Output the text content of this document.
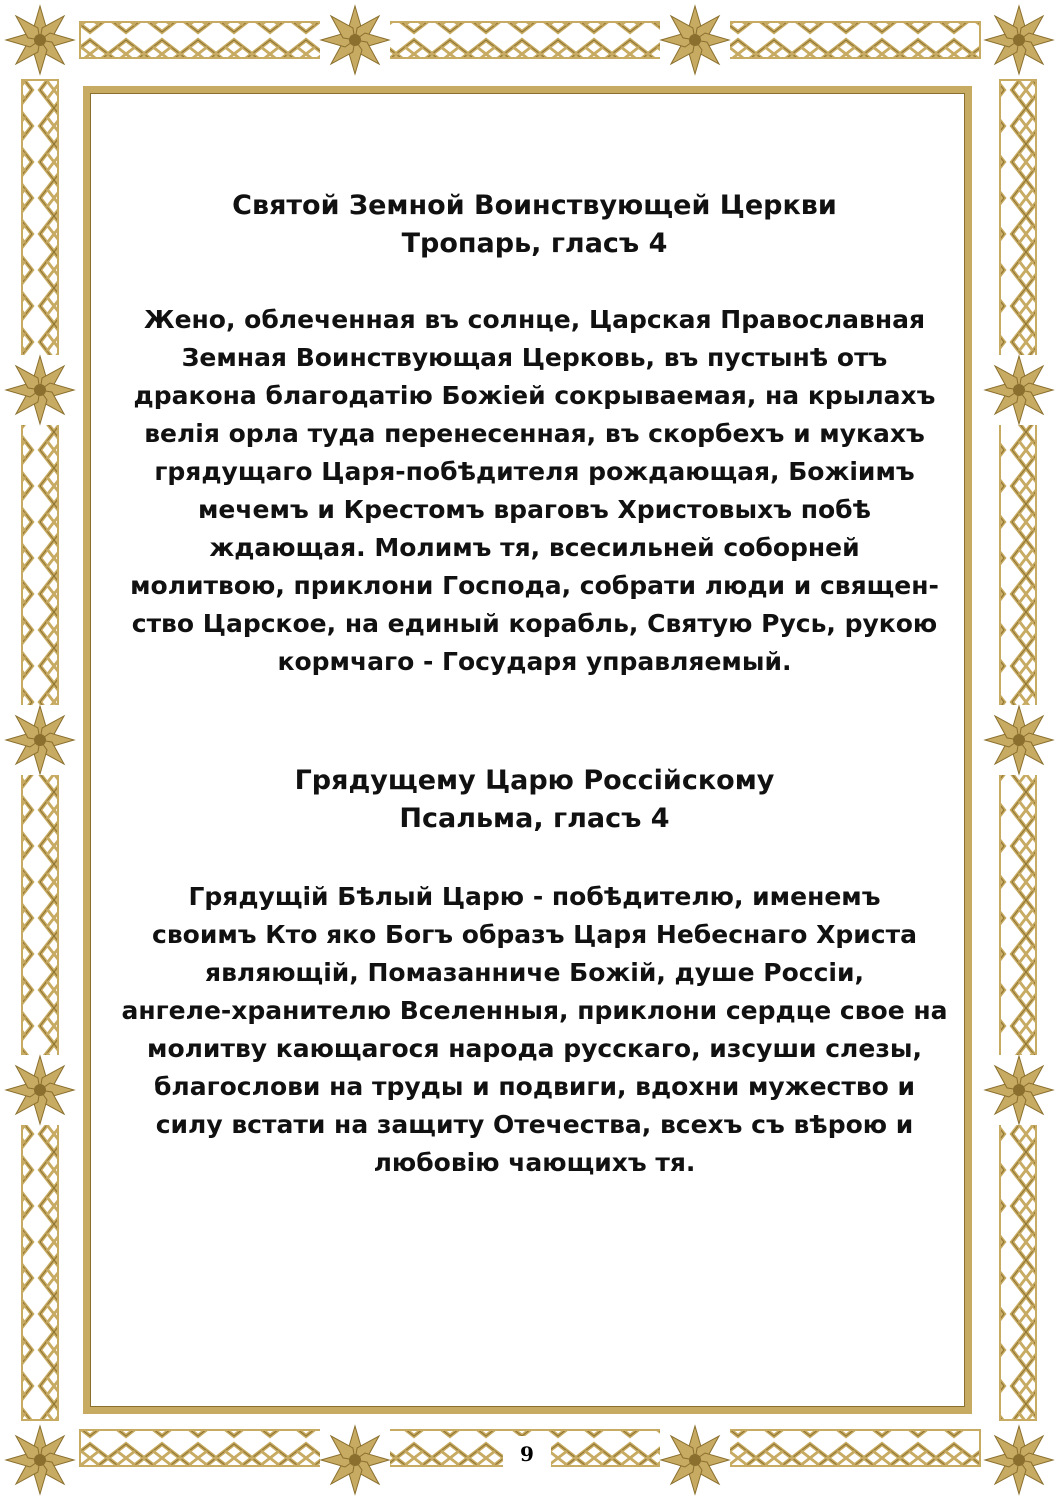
Святой Земной Воинствующей Церкви
Тропарь, гласъ 4
Жено, облеченная въ солнце, Царская Православная
Земная Воинствующая Церковь, въ пустынѣ отъ
дракона благодатію Божіей сокрываемая, на крылахъ
велія орла туда перенесенная, въ скорбехъ и мукахъ
грядущаго Царя-побѣдителя рождающая, Божіимъ
мечемъ и Крестомъ враговъ Христовыхъ побѣ
ждающая. Молимъ тя, всесильней соборней
молитвою, приклони Господа, собрати люди и священ-
ство Царское, на единый корабль, Святую Русь, рукою
кормчаго - Государя управляемый.
Грядущему Царю Россійскому
Псальма, гласъ 4
Грядущій Бѣлый Царю - побѣдителю, именемъ
своимъ Кто яко Богъ образъ Царя Небеснаго Христа
являющій, Помазанниче Божій, душе Россіи,
ангеле-хранителю Вселенныя, приклони сердце свое на
молитву кающагося народа русскаго, изсуши слезы,
благослови на труды и подвиги, вдохни мужество и
силу встати на защиту Отечества, всехъ съ вѣрою и
любовію чающихъ тя.
9
